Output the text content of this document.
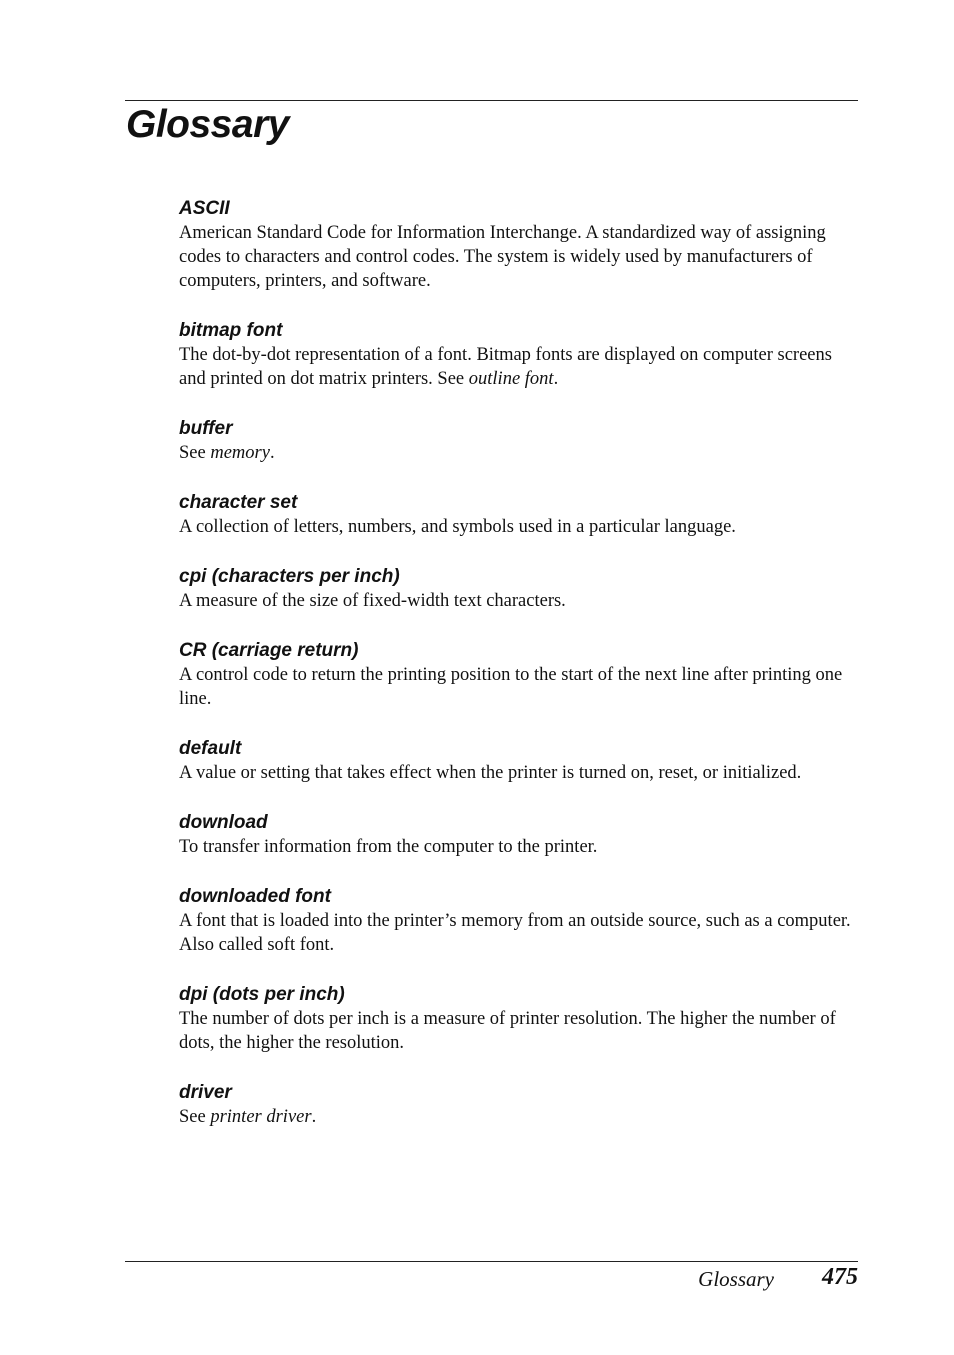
Glossary
ASCII
American Standard Code for Information Interchange. A standardized way of assigning codes to characters and control codes. The system is widely used by manufacturers of computers, printers, and software.
bitmap font
The dot-by-dot representation of a font. Bitmap fonts are displayed on computer screens and printed on dot matrix printers. See outline font.
buffer
See memory.
character set
A collection of letters, numbers, and symbols used in a particular language.
cpi (characters per inch)
A measure of the size of fixed-width text characters.
CR (carriage return)
A control code to return the printing position to the start of the next line after printing one line.
default
A value or setting that takes effect when the printer is turned on, reset, or initialized.
download
To transfer information from the computer to the printer.
downloaded font
A font that is loaded into the printer’s memory from an outside source, such as a computer. Also called soft font.
dpi (dots per inch)
The number of dots per inch is a measure of printer resolution. The higher the number of dots, the higher the resolution.
driver
See printer driver.
Glossary 475
